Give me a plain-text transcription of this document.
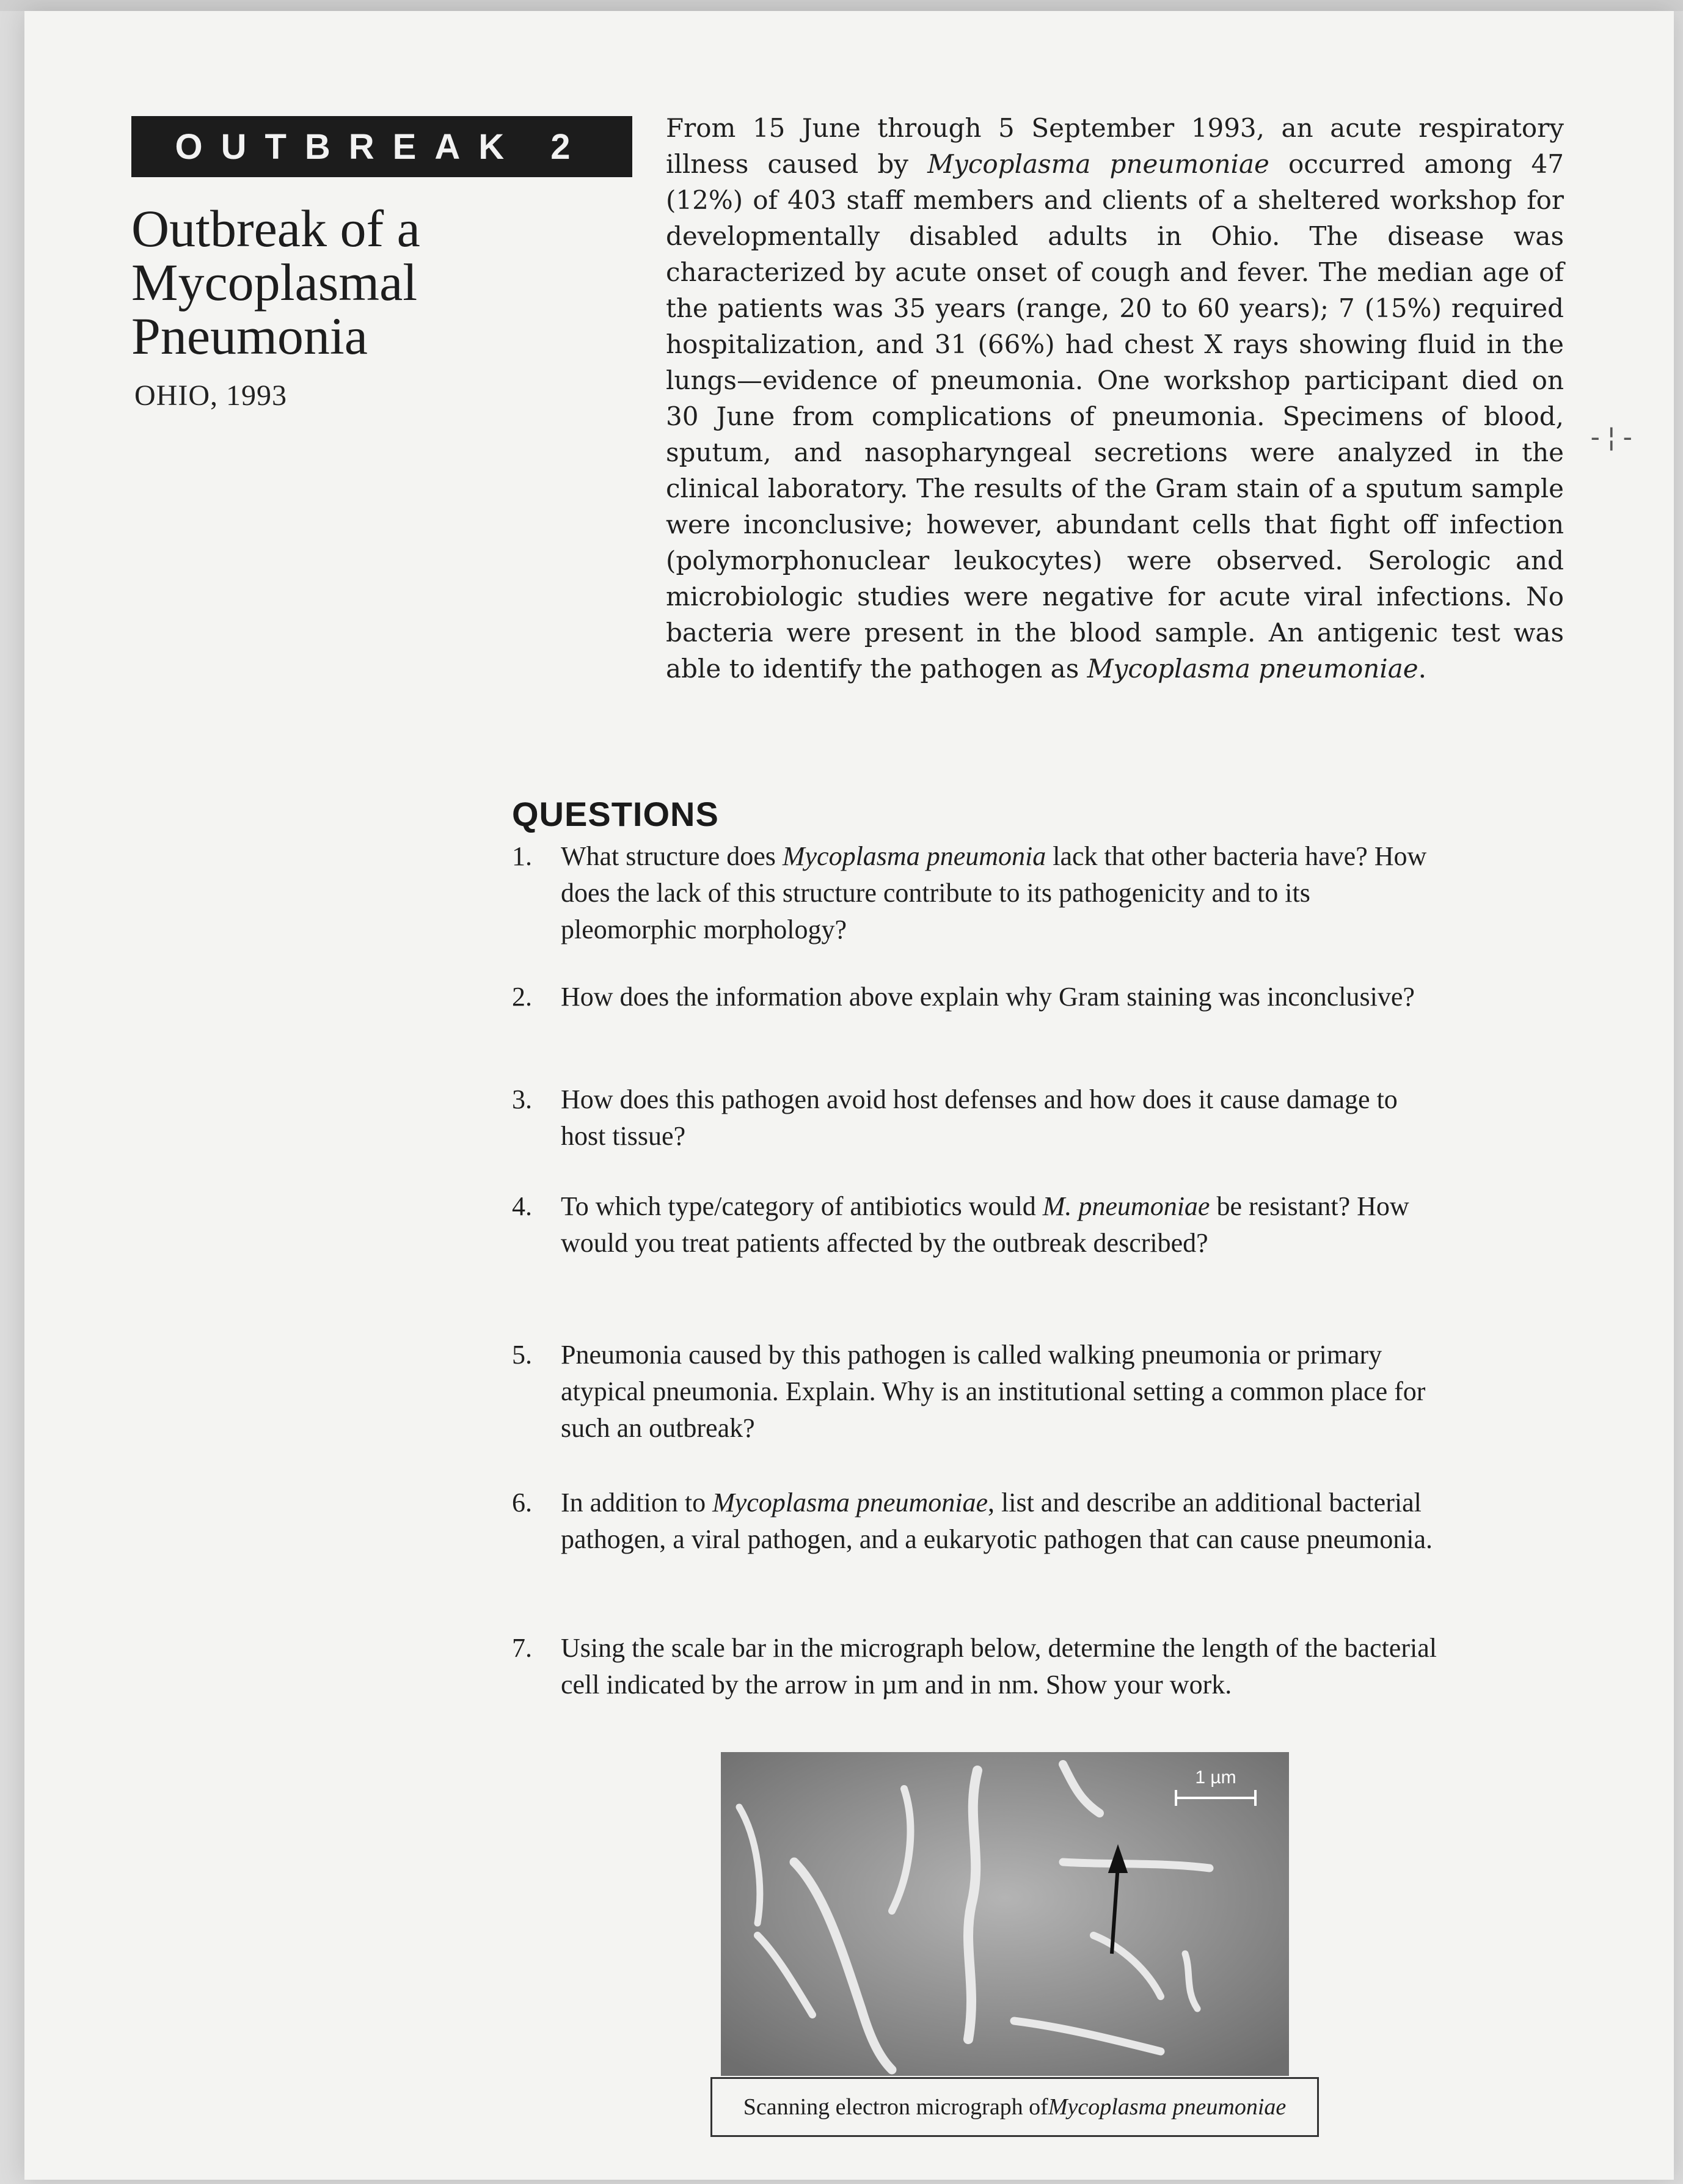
OUTBREAK 2
Outbreak of a
Mycoplasmal
Pneumonia
OHIO, 1993

From 15 June through 5 September 1993, an acute respiratory illness caused by Mycoplasma pneumoniae occurred among 47 (12%) of 403 staff members and clients of a sheltered workshop for developmentally disabled adults in Ohio. The disease was characterized by acute onset of cough and fever. The median age of the patients was 35 years (range, 20 to 60 years); 7 (15%) required hospitalization, and 31 (66%) had chest X rays showing fluid in the lungs—evidence of pneumonia. One workshop participant died on 30 June from complications of pneumonia. Specimens of blood, sputum, and nasopharyngeal secretions were analyzed in the clinical laboratory. The results of the Gram stain of a sputum sample were inconclusive; however, abundant cells that fight off infection (polymorphonuclear leukocytes) were observed. Serologic and microbiologic studies were negative for acute viral infections. No bacteria were present in the blood sample. An antigenic test was able to identify the pathogen as Mycoplasma pneumoniae.

-¦-
QUESTIONS
1.	What structure does Mycoplasma pneumonia lack that other bacteria have? How does the lack of this structure contribute to its pathogenicity and to its pleomorphic morphology?
2.	How does the information above explain why Gram staining was inconclusive?
3.	How does this pathogen avoid host defenses and how does it cause damage to host tissue?
4.	To which type/category of antibiotics would M. pneumoniae be resistant? How would you treat patients affected by the outbreak described?
5.	Pneumonia caused by this pathogen is called walking pneumonia or primary atypical pneumonia. Explain. Why is an institutional setting a common place for such an outbreak?
6.	In addition to Mycoplasma pneumoniae, list and describe an additional bacterial pathogen, a viral pathogen, and a eukaryotic pathogen that can cause pneumonia.
7.	Using the scale bar in the micrograph below, determine the length of the bacterial cell indicated by the arrow in µm and in nm. Show your work.
1 µm
Scanning electron micrograph of Mycoplasma pneumoniae
